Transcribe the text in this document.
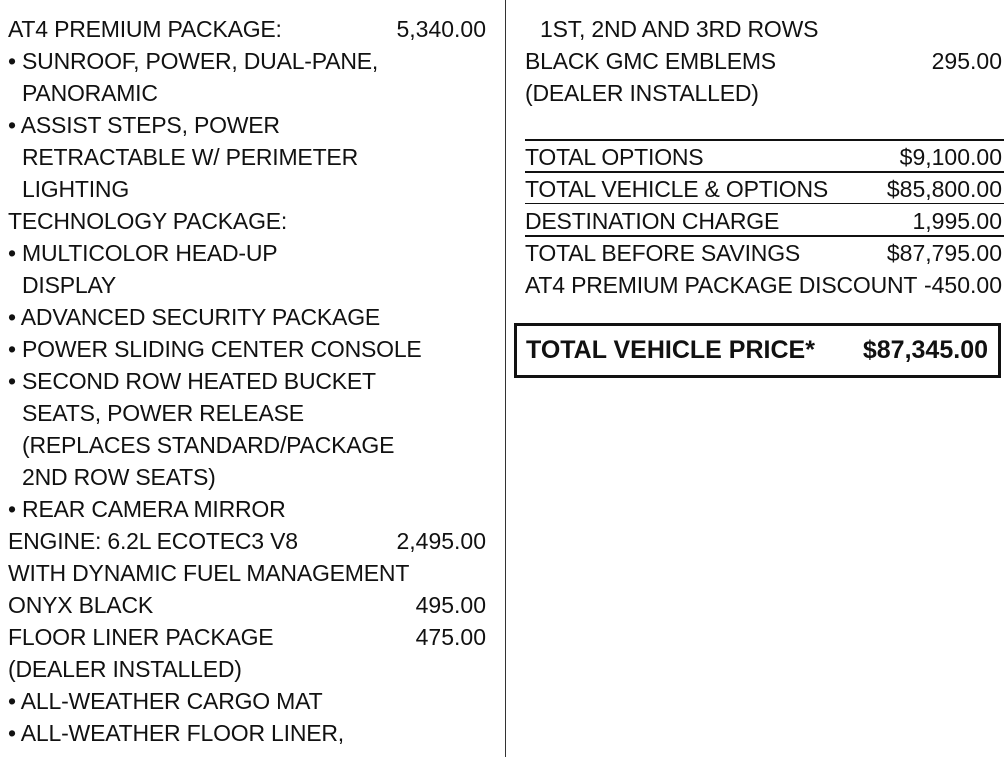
AT4 PREMIUM PACKAGE:	5,340.00
• SUNROOF, POWER, DUAL-PANE,
PANORAMIC
• ASSIST STEPS, POWER
RETRACTABLE W/ PERIMETER
LIGHTING
TECHNOLOGY PACKAGE:
• MULTICOLOR HEAD-UP
DISPLAY
• ADVANCED SECURITY PACKAGE
• POWER SLIDING CENTER CONSOLE
• SECOND ROW HEATED BUCKET
SEATS, POWER RELEASE
(REPLACES STANDARD/PACKAGE
2ND ROW SEATS)
• REAR CAMERA MIRROR
ENGINE: 6.2L ECOTEC3 V8	2,495.00
WITH DYNAMIC FUEL MANAGEMENT
ONYX BLACK	495.00
FLOOR LINER PACKAGE	475.00
(DEALER INSTALLED)
• ALL-WEATHER CARGO MAT
• ALL-WEATHER FLOOR LINER,
1ST, 2ND AND 3RD ROWS
BLACK GMC EMBLEMS	295.00
(DEALER INSTALLED)
TOTAL OPTIONS	$9,100.00
TOTAL VEHICLE & OPTIONS	$85,800.00
DESTINATION CHARGE	1,995.00
TOTAL BEFORE SAVINGS	$87,795.00
AT4 PREMIUM PACKAGE DISCOUNT -450.00
TOTAL VEHICLE PRICE* $87,345.00
